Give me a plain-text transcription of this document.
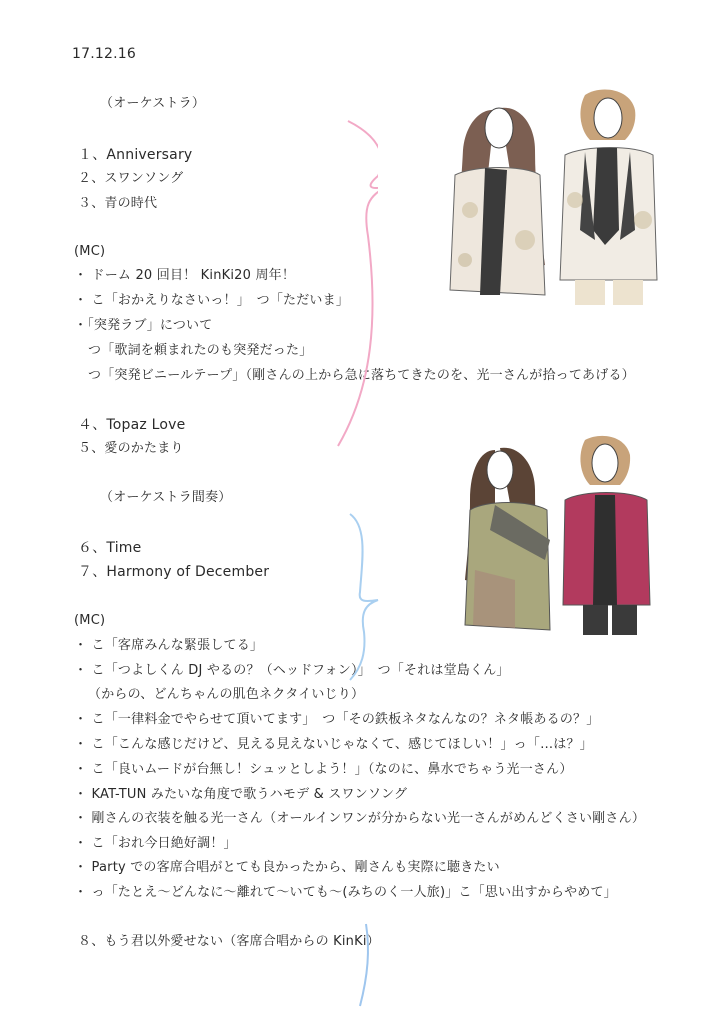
17.12.16
（オーケストラ）
１、Anniversary
２、スワンソング
３、青の時代
(MC)
・ ドーム 20 回目！ KinKi20 周年！
・ こ「おかえりなさいっ！」　つ「ただいま」
・「突発ラブ」について
つ「歌詞を頼まれたのも突発だった」
つ「突発ビニールテープ」（剛さんの上から急に落ちてきたのを、光一さんが拾ってあげる）
４、Topaz Love
５、愛のかたまり
（オーケストラ間奏）
６、Time
７、Harmony of December
(MC)
・ こ「客席みんな緊張してる」
・ こ「つよしくん DJ やるの？（ヘッドフォン）」　つ「それは堂島くん」
（からの、どんちゃんの肌色ネクタイいじり）
・ こ「一律料金でやらせて頂いてます」　つ「その鉄板ネタなんなの？ネタ帳あるの？」
・ こ「こんな感じだけど、見える見えないじゃなくて、感じてほしい！」っ「…は？」
・ こ「良いムードが台無し！シュッとしよう！」（なのに、鼻水でちゃう光一さん）
・ KAT-TUN みたいな角度で歌うハモデ & スワンソング
・ 剛さんの衣装を触る光一さん（オールインワンが分からない光一さんがめんどくさい剛さん）
・ こ「おれ今日絶好調！」
・ Party での客席合唱がとても良かったから、剛さんも実際に聴きたい
・ っ「たとえ〜どんなに〜離れて〜いても〜(みちのく一人旅)」こ「思い出すからやめて」
８、もう君以外愛せない（客席合唱からの KinKi）
